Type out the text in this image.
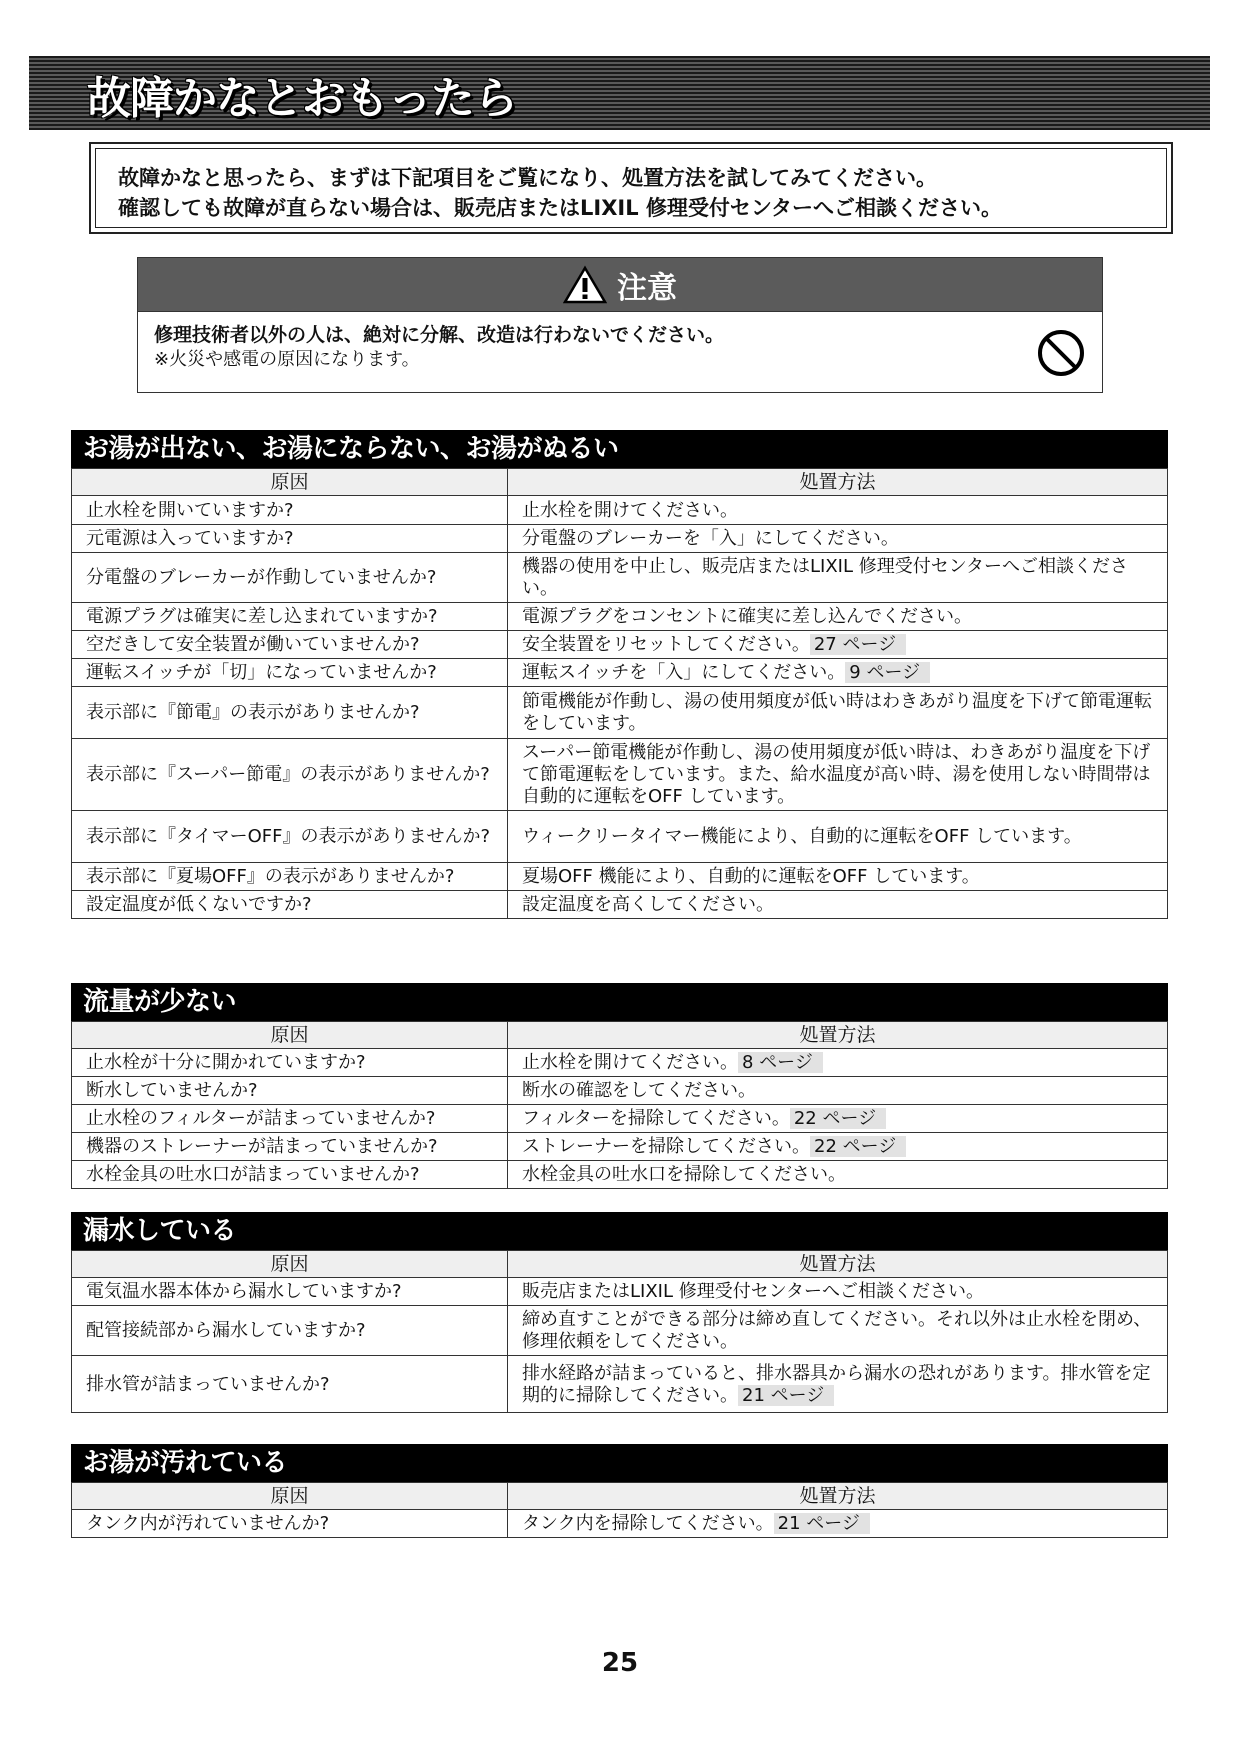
故障かなとおもったら
故障かなと思ったら、まずは下記項目をご覧になり、処置方法を試してみてください。
確認しても故障が直らない場合は、販売店またはLIXIL 修理受付センターへご相談ください。
注意
修理技術者以外の人は、絶対に分解、改造は行わないでください。
※火災や感電の原因になります。
お湯が出ない、お湯にならない、お湯がぬるい
原因	処置方法
止水栓を開いていますか?	止水栓を開けてください。
元電源は入っていますか?	分電盤のブレーカーを「入」にしてください。
分電盤のブレーカーが作動していませんか?	機器の使用を中止し、販売店またはLIXIL 修理受付センターへご相談ください。
電源プラグは確実に差し込まれていますか?	電源プラグをコンセントに確実に差し込んでください。
空だきして安全装置が働いていませんか?	安全装置をリセットしてください。 27 ページ
運転スイッチが「切」になっていませんか?	運転スイッチを「入」にしてください。 9 ページ
表示部に『節電』の表示がありませんか?	節電機能が作動し、湯の使用頻度が低い時はわきあがり温度を下げて節電運転をしています。
表示部に『スーパー節電』の表示がありませんか?	スーパー節電機能が作動し、湯の使用頻度が低い時は、わきあがり温度を下げて節電運転をしています。また、給水温度が高い時、湯を使用しない時間帯は自動的に運転をOFF しています。
表示部に『タイマーOFF』の表示がありませんか?	ウィークリータイマー機能により、自動的に運転をOFF しています。
表示部に『夏場OFF』の表示がありませんか?	夏場OFF 機能により、自動的に運転をOFF しています。
設定温度が低くないですか?	設定温度を高くしてください。
流量が少ない
原因	処置方法
止水栓が十分に開かれていますか?	止水栓を開けてください。 8 ページ
断水していませんか?	断水の確認をしてください。
止水栓のフィルターが詰まっていませんか?	フィルターを掃除してください。 22 ページ
機器のストレーナーが詰まっていませんか?	ストレーナーを掃除してください。 22 ページ
水栓金具の吐水口が詰まっていませんか?	水栓金具の吐水口を掃除してください。
漏水している
原因	処置方法
電気温水器本体から漏水していますか?	販売店またはLIXIL 修理受付センターへご相談ください。
配管接続部から漏水していますか?	締め直すことができる部分は締め直してください。それ以外は止水栓を閉め、修理依頼をしてください。
排水管が詰まっていませんか?	排水経路が詰まっていると、排水器具から漏水の恐れがあります。排水管を定期的に掃除してください。 21 ページ
お湯が汚れている
原因	処置方法
タンク内が汚れていませんか?	タンク内を掃除してください。 21 ページ
25
